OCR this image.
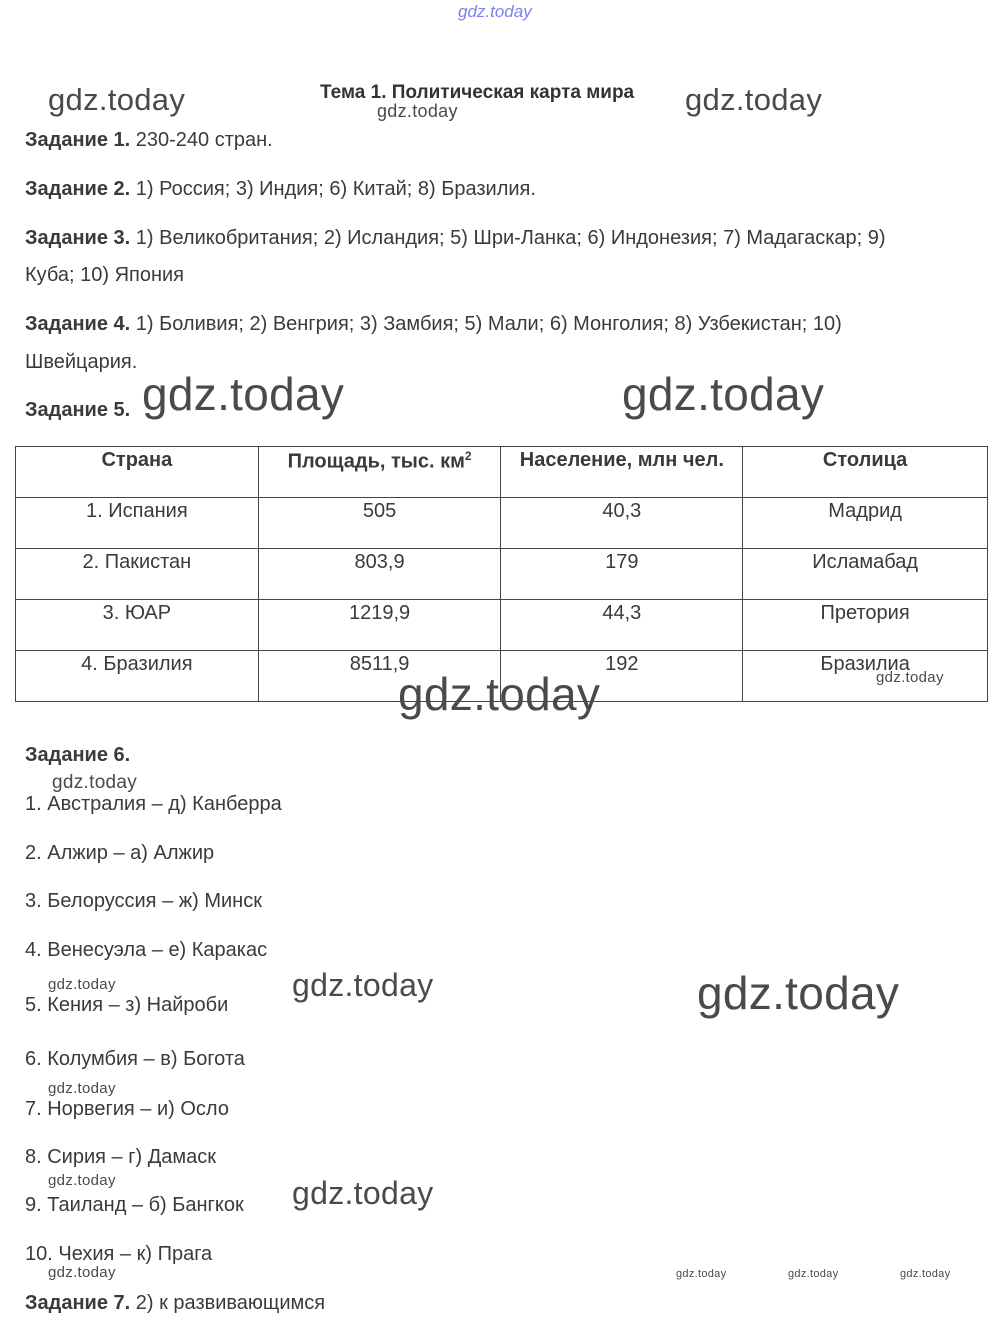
gdz.today
Тема 1. Политическая карта мира
gdz.today	gdz.today
gdz.today
Задание 1. 230-240 стран.
Задание 2. 1) Россия; 3) Индия; 6) Китай; 8) Бразилия.
Задание 3. 1) Великобритания; 2) Исландия; 5) Шри-Ланка; 6) Индонезия; 7) Мадагаскар; 9)
Куба; 10) Япония
Задание 4. 1) Боливия; 2) Венгрия; 3) Замбия; 5) Мали; 6) Монголия; 8) Узбекистан; 10)
Швейцария.
Задание 5. gdz.today	gdz.today
Страна	Площадь, тыс. $км^2$	Население, млн чел.	Столица
1. Испания	505	40,3	Мадрид
2. Пакистан	803,9	179	Исламабад
3. ЮАР	1219,9	44,3	Претория
4. Бразилия	8511,9	192	Бразилиа
gdz.today
gdz.today
Задание 6.
gdz.today
1. Австралия – д) Канберра
2. Алжир – а) Алжир
3. Белоруссия – ж) Минск
4. Венесуэла – е) Каракас
gdz.today
5. Кения – з) Найроби
gdz.today	gdz.today
6. Колумбия – в) Богота
gdz.today
7. Норвегия – и) Осло
8. Сирия – г) Дамаск
gdz.today
9. Таиланд – б) Бангкок gdz.today
10. Чехия – к) Прага
gdz.today	gdz.today	gdz.today	gdz.today
Задание 7. 2) к развивающимся
